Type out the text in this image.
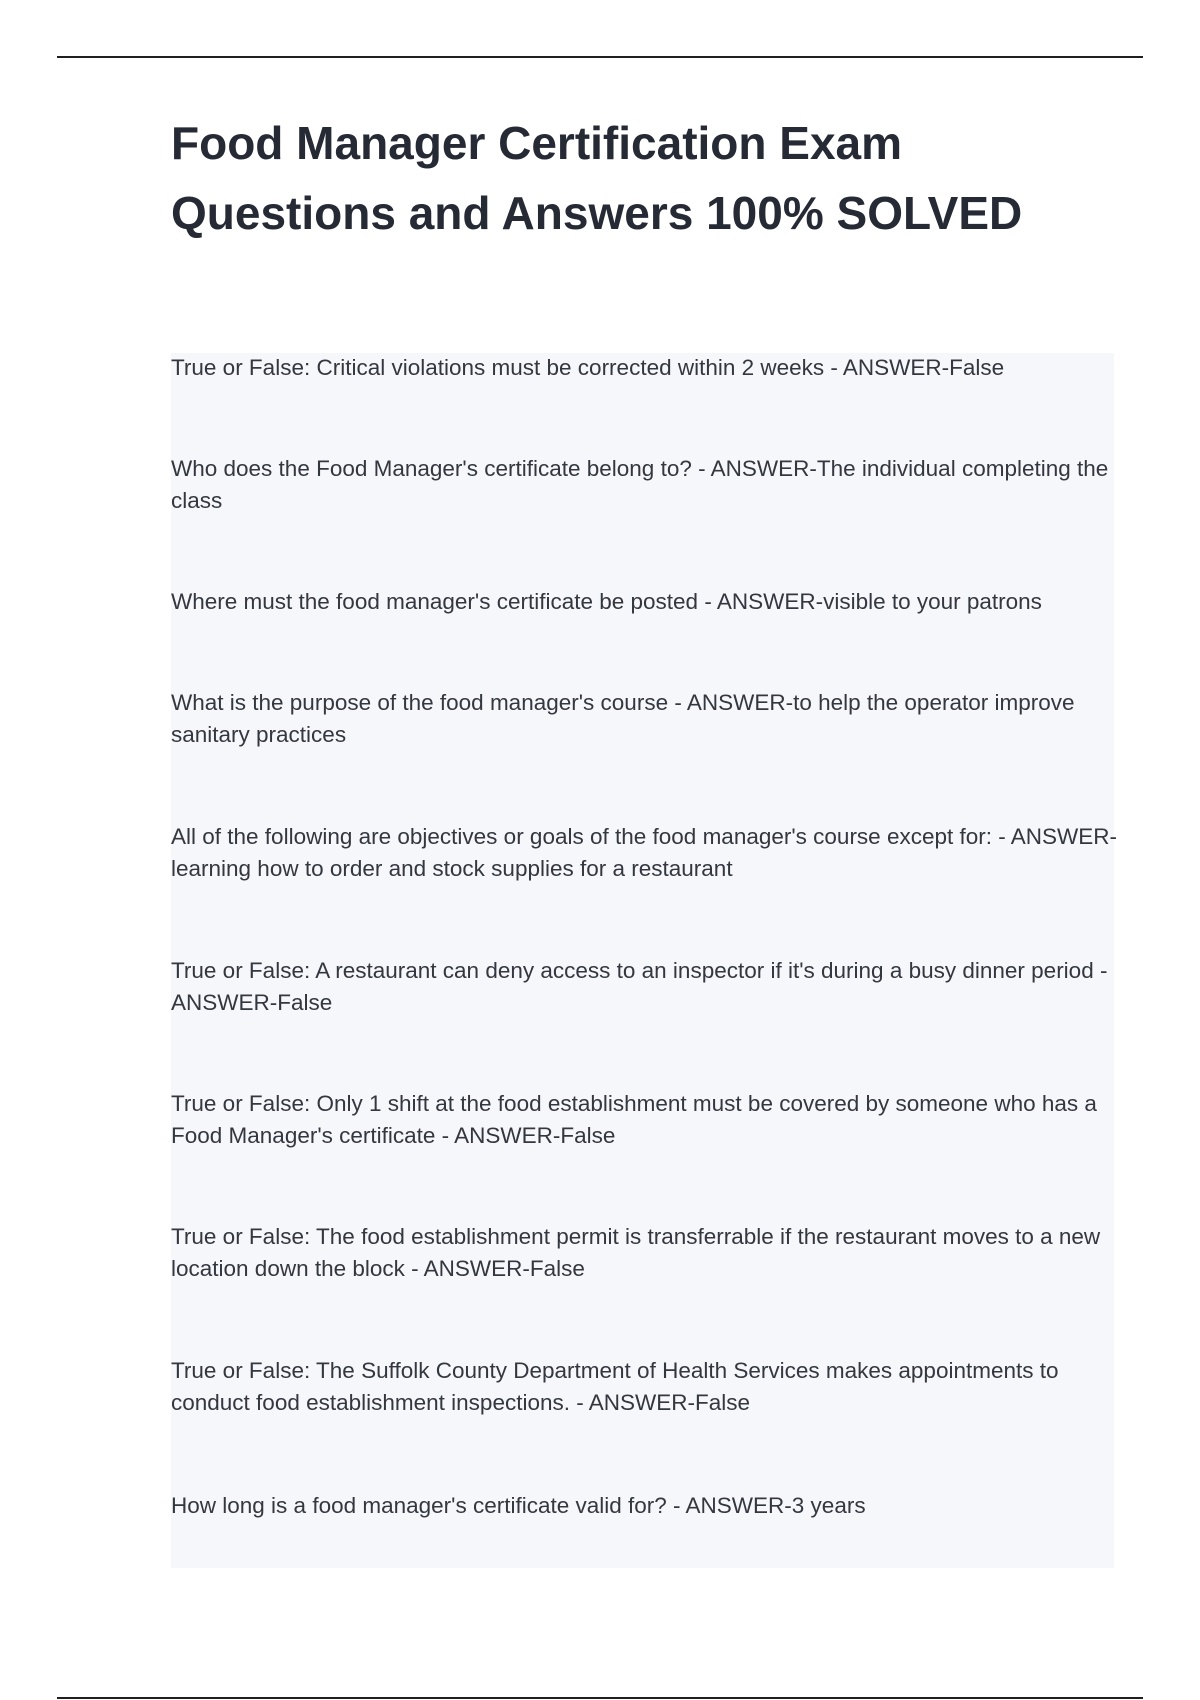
Food Manager Certification Exam
Questions and Answers 100% SOLVED

True or False: Critical violations must be corrected within 2 weeks - ANSWER-False

Who does the Food Manager's certificate belong to? - ANSWER-The individual completing the class

Where must the food manager's certificate be posted - ANSWER-visible to your patrons

What is the purpose of the food manager's course - ANSWER-to help the operator improve sanitary practices

All of the following are objectives or goals of the food manager's course except for: - ANSWER-learning how to order and stock supplies for a restaurant

True or False: A restaurant can deny access to an inspector if it's during a busy dinner period - ANSWER-False

True or False: Only 1 shift at the food establishment must be covered by someone who has a Food Manager's certificate - ANSWER-False

True or False: The food establishment permit is transferrable if the restaurant moves to a new location down the block - ANSWER-False

True or False: The Suffolk County Department of Health Services makes appointments to conduct food establishment inspections. - ANSWER-False

How long is a food manager's certificate valid for? - ANSWER-3 years
